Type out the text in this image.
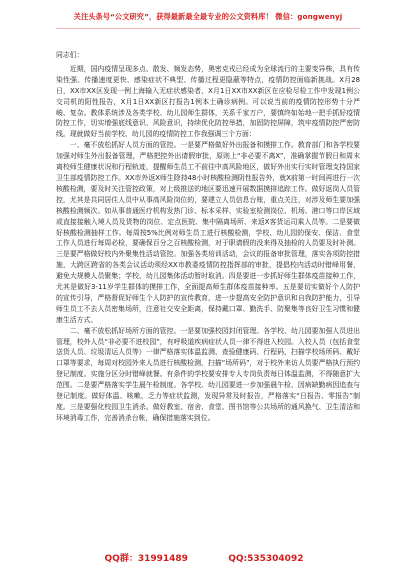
关注头条号“公文研究”，获得最新最全最专业的公文资料库！ 微信：gongwenyj

同志们：

近期，国内疫情呈现多点、散发、频发态势，奥密克戎已经成为全球流行的主要变异株，具有传染性强、传播速度更快、感染症状不典型、传播过程更隐蔽等特点，疫情防控面临新挑战。X月28日，XX市XX区发现一例上海输入无症状感染者，X月1日XX市XX新区在应检尽检工作中发现1例公交司机的阳性报告，X月1日XX新区打报告1例本土确诊病例。可以说当前的疫情防控形势十分严峻、复杂。教体系统涉及各类学校、幼儿园师生群体，关系千家万户，要慎终如始地一把手抓好疫情防控工作，切实增强底线意识、风险意识，持续优化防控举措，加固防控屏障，筑牢疫情防控严密防线。现就做好当前学校、幼儿园的疫情防控工作我强调三个方面：

一、毫不放松抓好人员方面的管控。一是要严格做好外出报备和摸排工作。教育部门和各学校要加强对师生外出报备管理，严格把控外出请假审批，原则上“非必要不离X”，准确掌握节假日和周末离校师生健康状况和行程轨迹，提醒师生员工不前往中高风险地区，做好外出实行实时管理支持国家卫生部疫情防控工作。XX市外返X师生除持48小时核酸检测阴性报告外，就X前第一时间再进行一次核酸检测，要及时关注管控政策，对上级推送的地区要迅速开展数据摸排追踪工作。做好返岗人员管控，尤其是共同居住人员中从事高风险岗位的，要建立人员信息台账，重点关注，对涉及师生要加强核酸检测频次。如从事普通医疗机构发热门诊、标本采样、实验室检测岗位、机场、港口等口岸区域或直接接触入境人员及货物的岗位、定点医院、集中隔离场所、来返X客货运司乘人员等。二是要做好核酸检测抽样工作。每周按5%比例对师生员工进行核酸检测，学校、幼儿园的保安、保洁、食堂工作人员进行每周必检，要确保百分之百核酸检测，对于职请假的没来得及抽检的人员要及时补测。三是要严格做好校内外聚集性活动管控。加强各类培训活动，会议的报备审批管理，落实各项防控措施，大跨区跨省的各类会议活动须经XX市教委疫情防控指挥部的审批，提倡校内活动时错峰用餐，避免大规模人员聚集；学校、幼儿园集体活动暂时取消。四是要进一步抓好师生群体疫苗接种工作，尤其是做好3-11岁学生群体的摸排工作，全面提高师生群体疫苗接种率。五是要切实做好个人防护的宣传引导，严格督促好师生个人防护的宣传教育，进一步提高安全防护意识和自我防护能力，引导师生员工不去人员密集场所，注意社交安全距离，保持戴口罩、勤洗手、防聚集等良好卫生习惯和健康生活方式。

二、毫不放松抓好场所方面的管控。一是要加强校园封闭管理。各学校、幼儿园要加强人员进出管理，校外人员“非必要不进校园”，有呼吸道疾病症状人员一律不得进入校园。入校人员（包括食堂送货人员、垃圾清运人员等）一律严格落实体温监测、查验健康码、行程码，扫描学校场所码、戴好口罩等要求，每周对校园外来人员进行核酸检测，扫描“场所码”，对于校外来访人员要严格执行预约登记制度。实施分区分时错峰就餐。有条件的学校要安排专人专岗负责每日体温监测，不得随意扩大范围。二是要严格落实学生晨午检制度。各学校、幼儿园要进一步加强晨午检、因病缺勤病因追查与登记制度。做好体温、咳嗽、乏力等症状监测，发现异常及时报告，严格落实“日报告、零报告”制度。三是要强化校园卫生消杀。做好教室、宿舍、食堂、图书馆等公共场所的通风换气、卫生清洁和环境消毒工作，完善消杀台帐，确保措施落实到位。

QQ群：31991489	QQ:535304092
